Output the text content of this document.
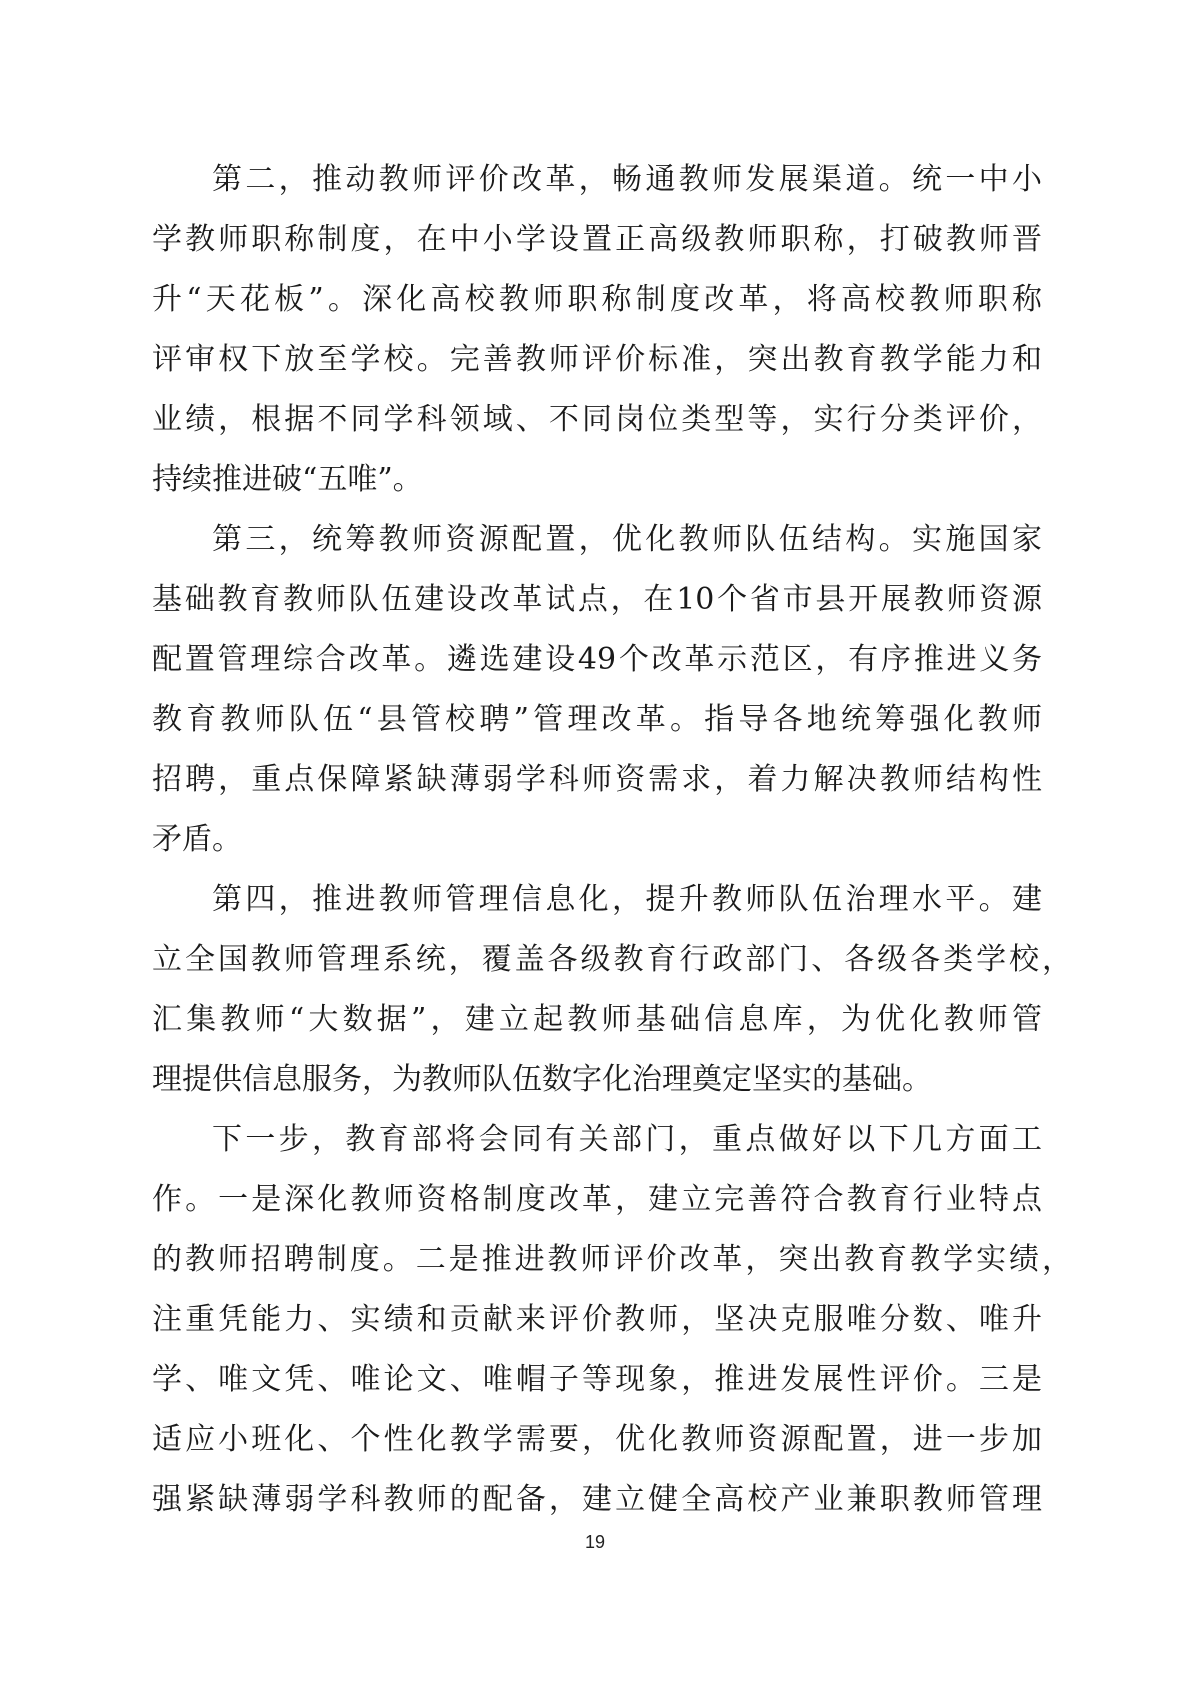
第二，推动教师评价改革，畅通教师发展渠道。统一中小
学教师职称制度，在中小学设置正高级教师职称，打破教师晋
升“天花板”。深化高校教师职称制度改革，将高校教师职称
评审权下放至学校。完善教师评价标准，突出教育教学能力和
业绩，根据不同学科领域、不同岗位类型等，实行分类评价，
持续推进破“五唯”。
第三，统筹教师资源配置，优化教师队伍结构。实施国家
基础教育教师队伍建设改革试点，在10个省市县开展教师资源
配置管理综合改革。遴选建设49个改革示范区，有序推进义务
教育教师队伍“县管校聘”管理改革。指导各地统筹强化教师
招聘，重点保障紧缺薄弱学科师资需求，着力解决教师结构性
矛盾。
第四，推进教师管理信息化，提升教师队伍治理水平。建
立全国教师管理系统，覆盖各级教育行政部门、各级各类学校，
汇集教师“大数据”，建立起教师基础信息库，为优化教师管
理提供信息服务，为教师队伍数字化治理奠定坚实的基础。
下一步，教育部将会同有关部门，重点做好以下几方面工
作。一是深化教师资格制度改革，建立完善符合教育行业特点
的教师招聘制度。二是推进教师评价改革，突出教育教学实绩，
注重凭能力、实绩和贡献来评价教师，坚决克服唯分数、唯升
学、唯文凭、唯论文、唯帽子等现象，推进发展性评价。三是
适应小班化、个性化教学需要，优化教师资源配置，进一步加
强紧缺薄弱学科教师的配备，建立健全高校产业兼职教师管理
19
